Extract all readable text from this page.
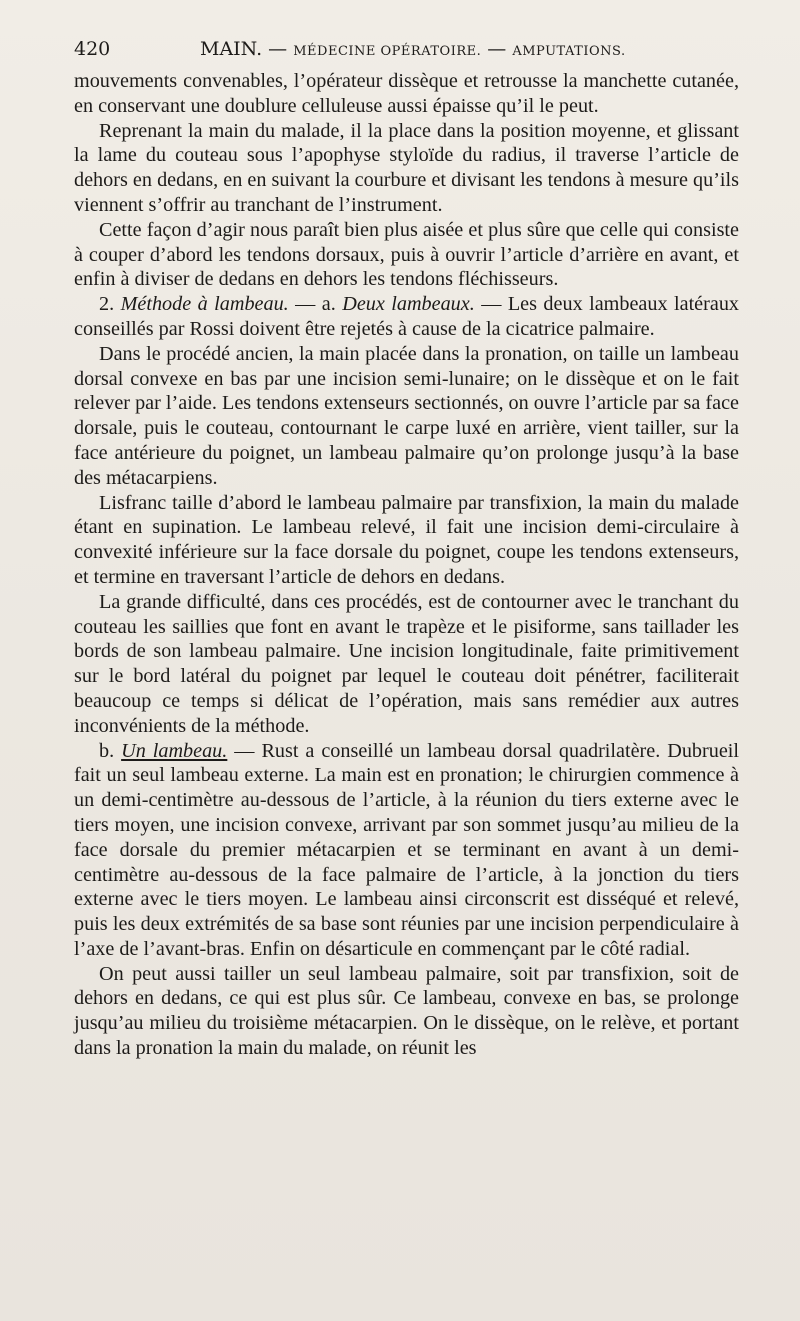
420	MAIN. — MÉDECINE OPÉRATOIRE. — AMPUTATIONS.

mouvements convenables, l’opérateur dissèque et retrousse la manchette cutanée, en conservant une doublure celluleuse aussi épaisse qu’il le peut.

Reprenant la main du malade, il la place dans la position moyenne, et glissant la lame du couteau sous l’apophyse styloïde du radius, il traverse l’article de dehors en dedans, en en suivant la courbure et divisant les tendons à mesure qu’ils viennent s’offrir au tranchant de l’instrument.

Cette façon d’agir nous paraît bien plus aisée et plus sûre que celle qui consiste à couper d’abord les tendons dorsaux, puis à ouvrir l’article d’arrière en avant, et enfin à diviser de dedans en dehors les tendons fléchisseurs.

2. Méthode à lambeau. — a. Deux lambeaux. — Les deux lambeaux latéraux conseillés par Rossi doivent être rejetés à cause de la cicatrice palmaire.

Dans le procédé ancien, la main placée dans la pronation, on taille un lambeau dorsal convexe en bas par une incision semi-lunaire; on le dissèque et on le fait relever par l’aide. Les tendons extenseurs sectionnés, on ouvre l’article par sa face dorsale, puis le couteau, contournant le carpe luxé en arrière, vient tailler, sur la face antérieure du poignet, un lambeau palmaire qu’on prolonge jusqu’à la base des métacarpiens.

Lisfranc taille d’abord le lambeau palmaire par transfixion, la main du malade étant en supination. Le lambeau relevé, il fait une incision demi-circulaire à convexité inférieure sur la face dorsale du poignet, coupe les tendons extenseurs, et termine en traversant l’article de dehors en dedans.

La grande difficulté, dans ces procédés, est de contourner avec le tranchant du couteau les saillies que font en avant le trapèze et le pisiforme, sans taillader les bords de son lambeau palmaire. Une incision longitudinale, faite primitivement sur le bord latéral du poignet par lequel le couteau doit pénétrer, faciliterait beaucoup ce temps si délicat de l’opération, mais sans remédier aux autres inconvénients de la méthode.

b. Un lambeau. — Rust a conseillé un lambeau dorsal quadrilatère. Dubrueil fait un seul lambeau externe. La main est en pronation; le chirurgien commence à un demi-centimètre au-dessous de l’article, à la réunion du tiers externe avec le tiers moyen, une incision convexe, arrivant par son sommet jusqu’au milieu de la face dorsale du premier métacarpien et se terminant en avant à un demi-centimètre au-dessous de la face palmaire de l’article, à la jonction du tiers externe avec le tiers moyen. Le lambeau ainsi circonscrit est disséqué et relevé, puis les deux extrémités de sa base sont réunies par une incision perpendiculaire à l’axe de l’avant-bras. Enfin on désarticule en commençant par le côté radial.

On peut aussi tailler un seul lambeau palmaire, soit par transfixion, soit de dehors en dedans, ce qui est plus sûr. Ce lambeau, convexe en bas, se prolonge jusqu’au milieu du troisième métacarpien. On le dissèque, on le relève, et portant dans la pronation la main du malade, on réunit les
